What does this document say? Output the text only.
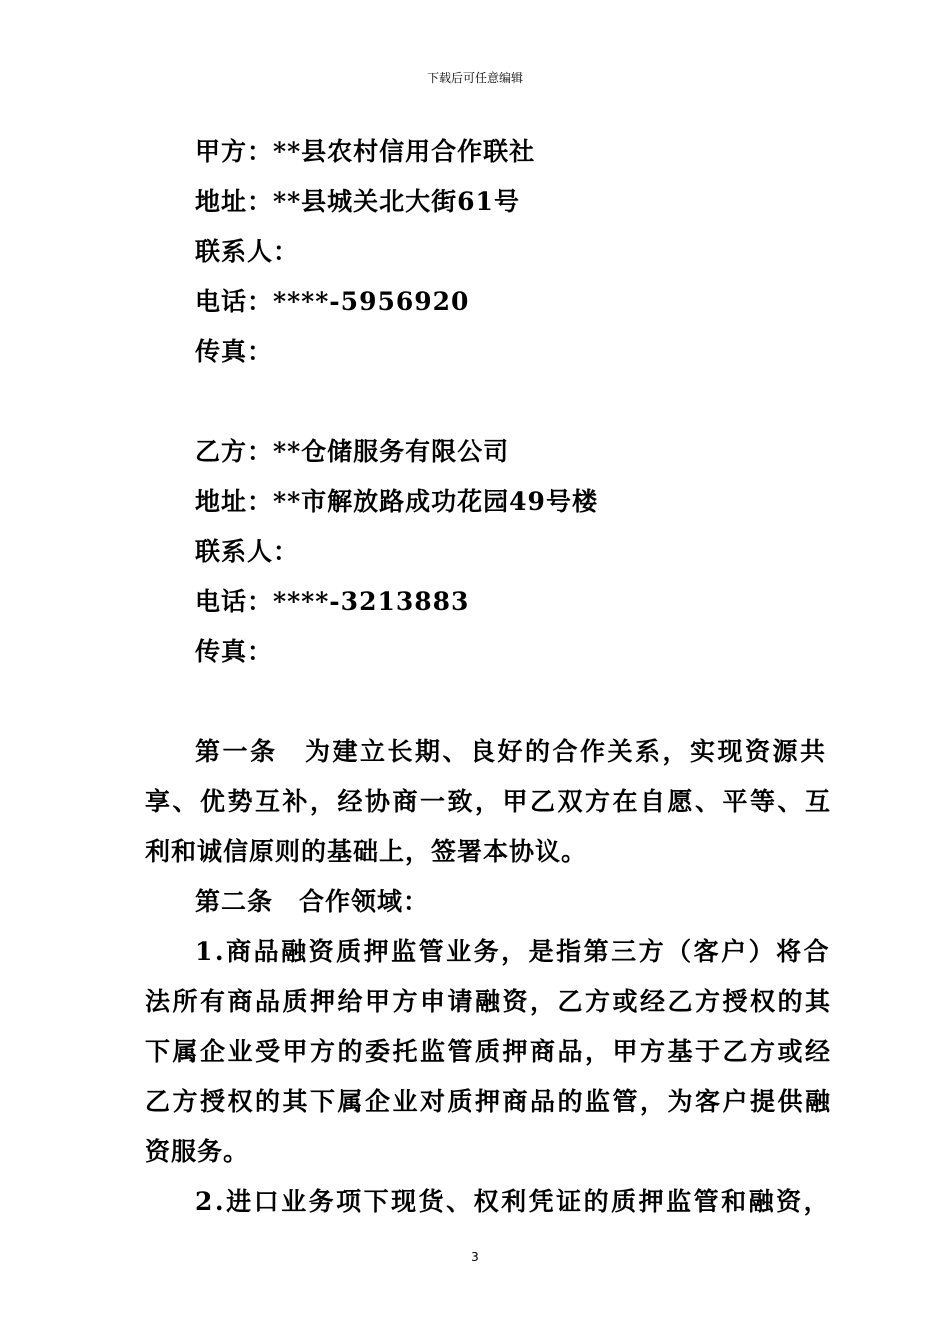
下载后可任意编辑
甲方：**县农村信用合作联社
地址：**县城关北大街61号
联系人：
电话：****-5956920
传真：
乙方：**仓储服务有限公司
地址：**市解放路成功花园49号楼
联系人：
电话：****-3213883
传真：
第一条　为建立长期、良好的合作关系，实现资源共
享、优势互补，经协商一致，甲乙双方在自愿、平等、互
利和诚信原则的基础上，签署本协议。
第二条　合作领域：
1.商品融资质押监管业务，是指第三方（客户）将合
法所有商品质押给甲方申请融资，乙方或经乙方授权的其
下属企业受甲方的委托监管质押商品，甲方基于乙方或经
乙方授权的其下属企业对质押商品的监管，为客户提供融
资服务。
2.进口业务项下现货、权利凭证的质押监管和融资，
3
